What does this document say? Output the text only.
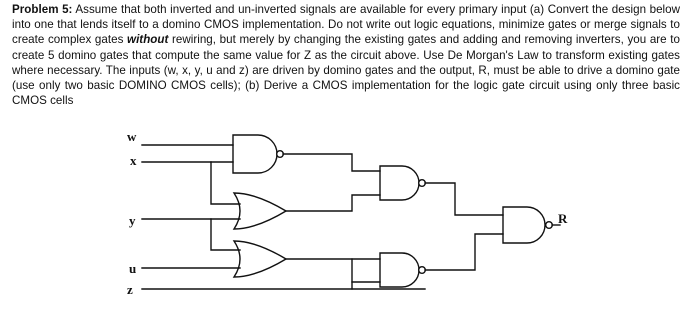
Problem 5: Assume that both inverted and un-inverted signals are available for every primary input (a) Convert the design below into one that lends itself to a domino CMOS implementation. Do not write out logic equations, minimize gates or merge signals to create complex gates without rewiring, but merely by changing the existing gates and adding and removing inverters, you are to create 5 domino gates that compute the same value for Z as the circuit above. Use De Morgan's Law to transform existing gates where necessary. The inputs (w, x, y, u and z) are driven by domino gates and the output, R, must be able to drive a domino gate (use only two basic DOMINO CMOS cells); (b) Derive a CMOS implementation for the logic gate circuit using only three basic CMOS cells
w
x
y
u
z
R
